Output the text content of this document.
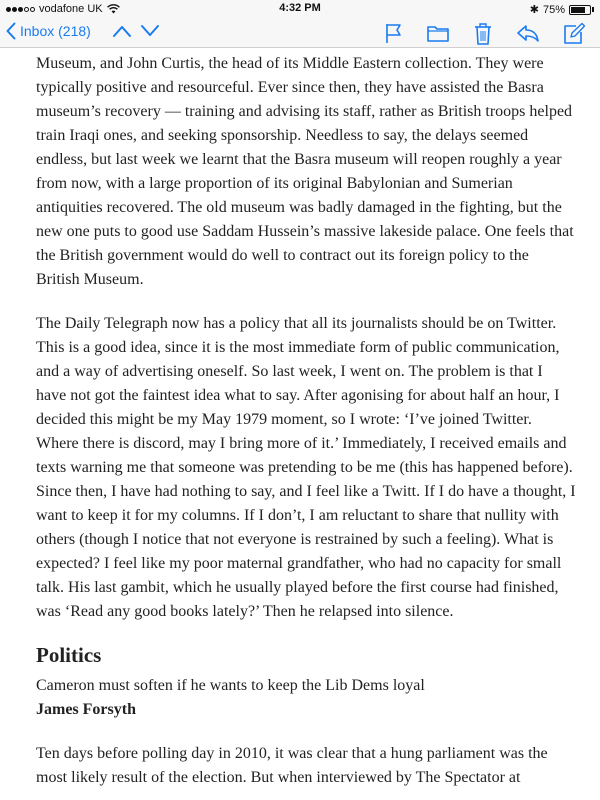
vodafone UK	4:32 PM	✱ 75%
Inbox (218)

Museum, and John Curtis, the head of its Middle Eastern collection. They were typically positive and resourceful. Ever since then, they have assisted the Basra museum’s recovery — training and advising its staff, rather as British troops helped train Iraqi ones, and seeking sponsorship. Needless to say, the delays seemed endless, but last week we learnt that the Basra museum will reopen roughly a year from now, with a large proportion of its original Babylonian and Sumerian antiquities recovered. The old museum was badly damaged in the fighting, but the new one puts to good use Saddam Hussein’s massive lakeside palace. One feels that the British government would do well to contract out its foreign policy to the British Museum.

The Daily Telegraph now has a policy that all its journalists should be on Twitter. This is a good idea, since it is the most immediate form of public communication, and a way of advertising oneself. So last week, I went on. The problem is that I have not got the faintest idea what to say. After agonising for about half an hour, I decided this might be my May 1979 moment, so I wrote: ‘I’ve joined Twitter. Where there is discord, may I bring more of it.’ Immediately, I received emails and texts warning me that someone was pretending to be me (this has happened before). Since then, I have had nothing to say, and I feel like a Twitt. If I do have a thought, I want to keep it for my columns. If I don’t, I am reluctant to share that nullity with others (though I notice that not everyone is restrained by such a feeling). What is expected? I feel like my poor maternal grandfather, who had no capacity for small talk. His last gambit, which he usually played before the first course had finished, was ‘Read any good books lately?’ Then he relapsed into silence.

Politics

Cameron must soften if he wants to keep the Lib Dems loyal

James Forsyth

Ten days before polling day in 2010, it was clear that a hung parliament was the most likely result of the election. But when interviewed by The Spectator at
